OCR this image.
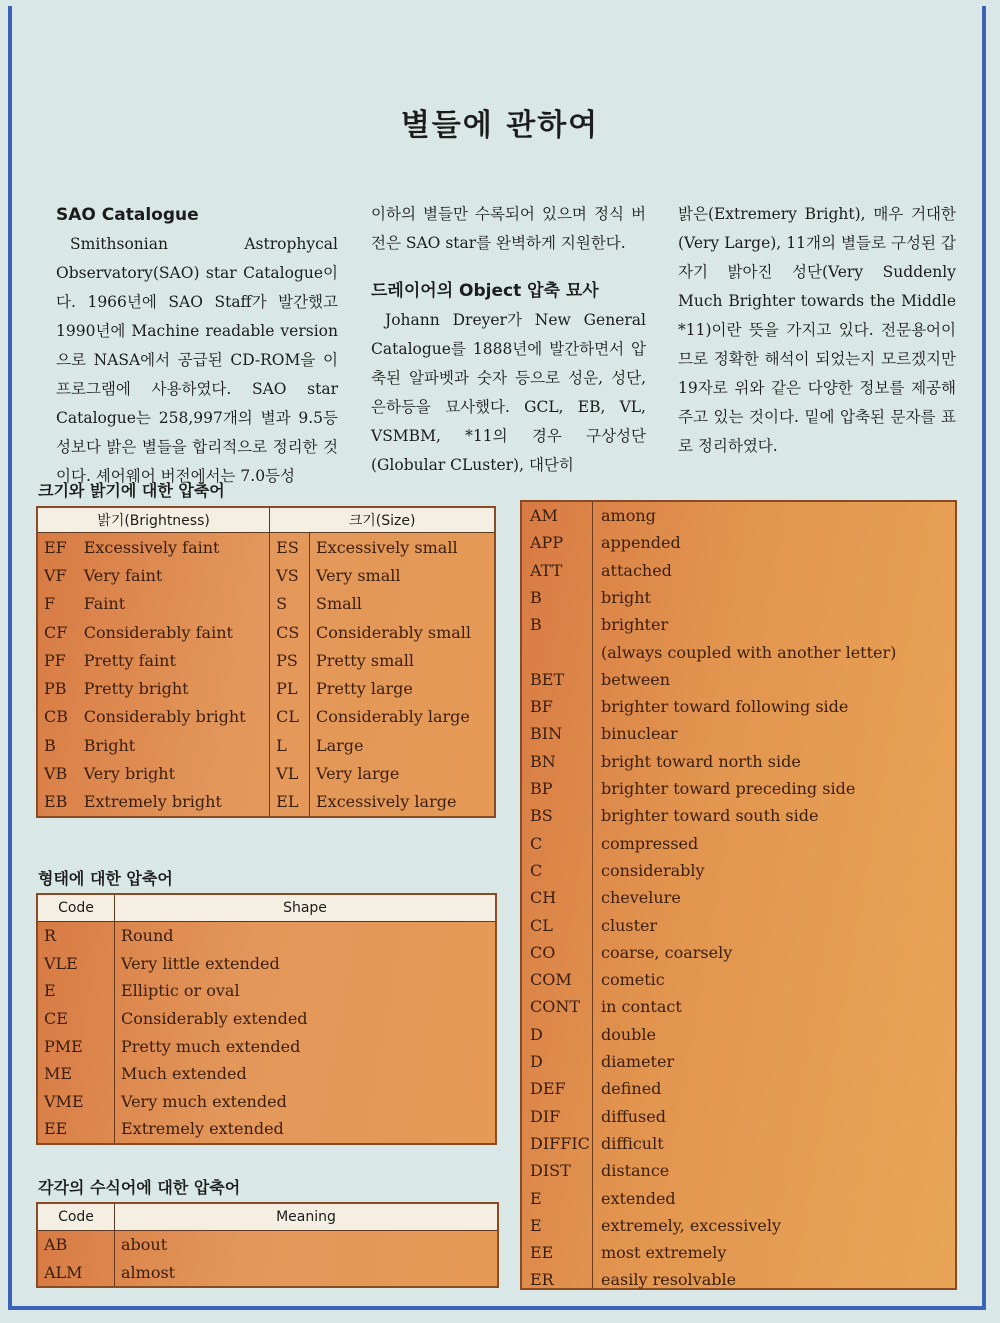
별들에 관하여
SAO Catalogue

Smithsonian Astrophycal Observatory(SAO) star Catalogue이다. 1966년에 SAO Staff가 발간했고 1990년에 Machine readable version으로 NASA에서 공급된 CD-ROM을 이 프로그램에 사용하였다. SAO star Catalogue는 258,997개의 별과 9.5등성보다 밝은 별들을 합리적으로 정리한 것이다. 셰어웨어 버전에서는 7.0등성

이하의 별들만 수록되어 있으며 정식 버전은 SAO star를 완벽하게 지원한다.

드레이어의 Object 압축 묘사

Johann Dreyer가 New General Catalogue를 1888년에 발간하면서 압축된 알파벳과 숫자 등으로 성운, 성단, 은하등을 묘사했다. GCL, EB, VL, VSMBM, *11의 경우 구상성단(Globular CLuster), 대단히

밝은(Extremery Bright), 매우 거대한(Very Large), 11개의 별들로 구성된 갑자기 밝아진 성단(Very Suddenly Much Brighter towards the Middle *11)이란 뜻을 가지고 있다. 전문용어이므로 정확한 해석이 되었는지 모르겠지만 19자로 위와 같은 다양한 정보를 제공해 주고 있는 것이다. 밑에 압축된 문자를 표로 정리하였다.

크기와 밝기에 대한 압축어
밝기(Brightness)		크기(Size)	
EF	Excessively faint	ES	Excessively small
VF	Very faint	VS	Very small
F	Faint	S	Small
CF	Considerably faint	CS	Considerably small
PF	Pretty faint	PS	Pretty small
PB	Pretty bright	PL	Pretty large
CB	Considerably bright	CL	Considerably large
B	Bright	L	Large
VB	Very bright	VL	Very large
EB	Extremely bright	EL	Excessively large
형태에 대한 압축어
Code	Shape
R	Round
VLE	Very little extended
E	Elliptic or oval
CE	Considerably extended
PME	Pretty much extended
ME	Much extended
VME	Very much extended
EE	Extremely extended
각각의 수식어에 대한 압축어
Code	Meaning
AB	about
ALM	almost
AM	among
APP appended
ATT attached
B	bright
B	brighter
(always coupled with another letter)
BET between
BF	brighter toward following side
BIN binuclear
BN	bright toward north side
BP	brighter toward preceding side
BS	brighter toward south side
C	compressed
C	considerably
CH	chevelure
CL	cluster
CO	coarse, coarsely
COM cometic
CONT in contact
D	double
D	diameter
DEF defined
DIF	diffused
DIFFIC difficult
DIST distance
E	extended
E	extremely, excessively
EE	most extremely
ER	easily resolvable
